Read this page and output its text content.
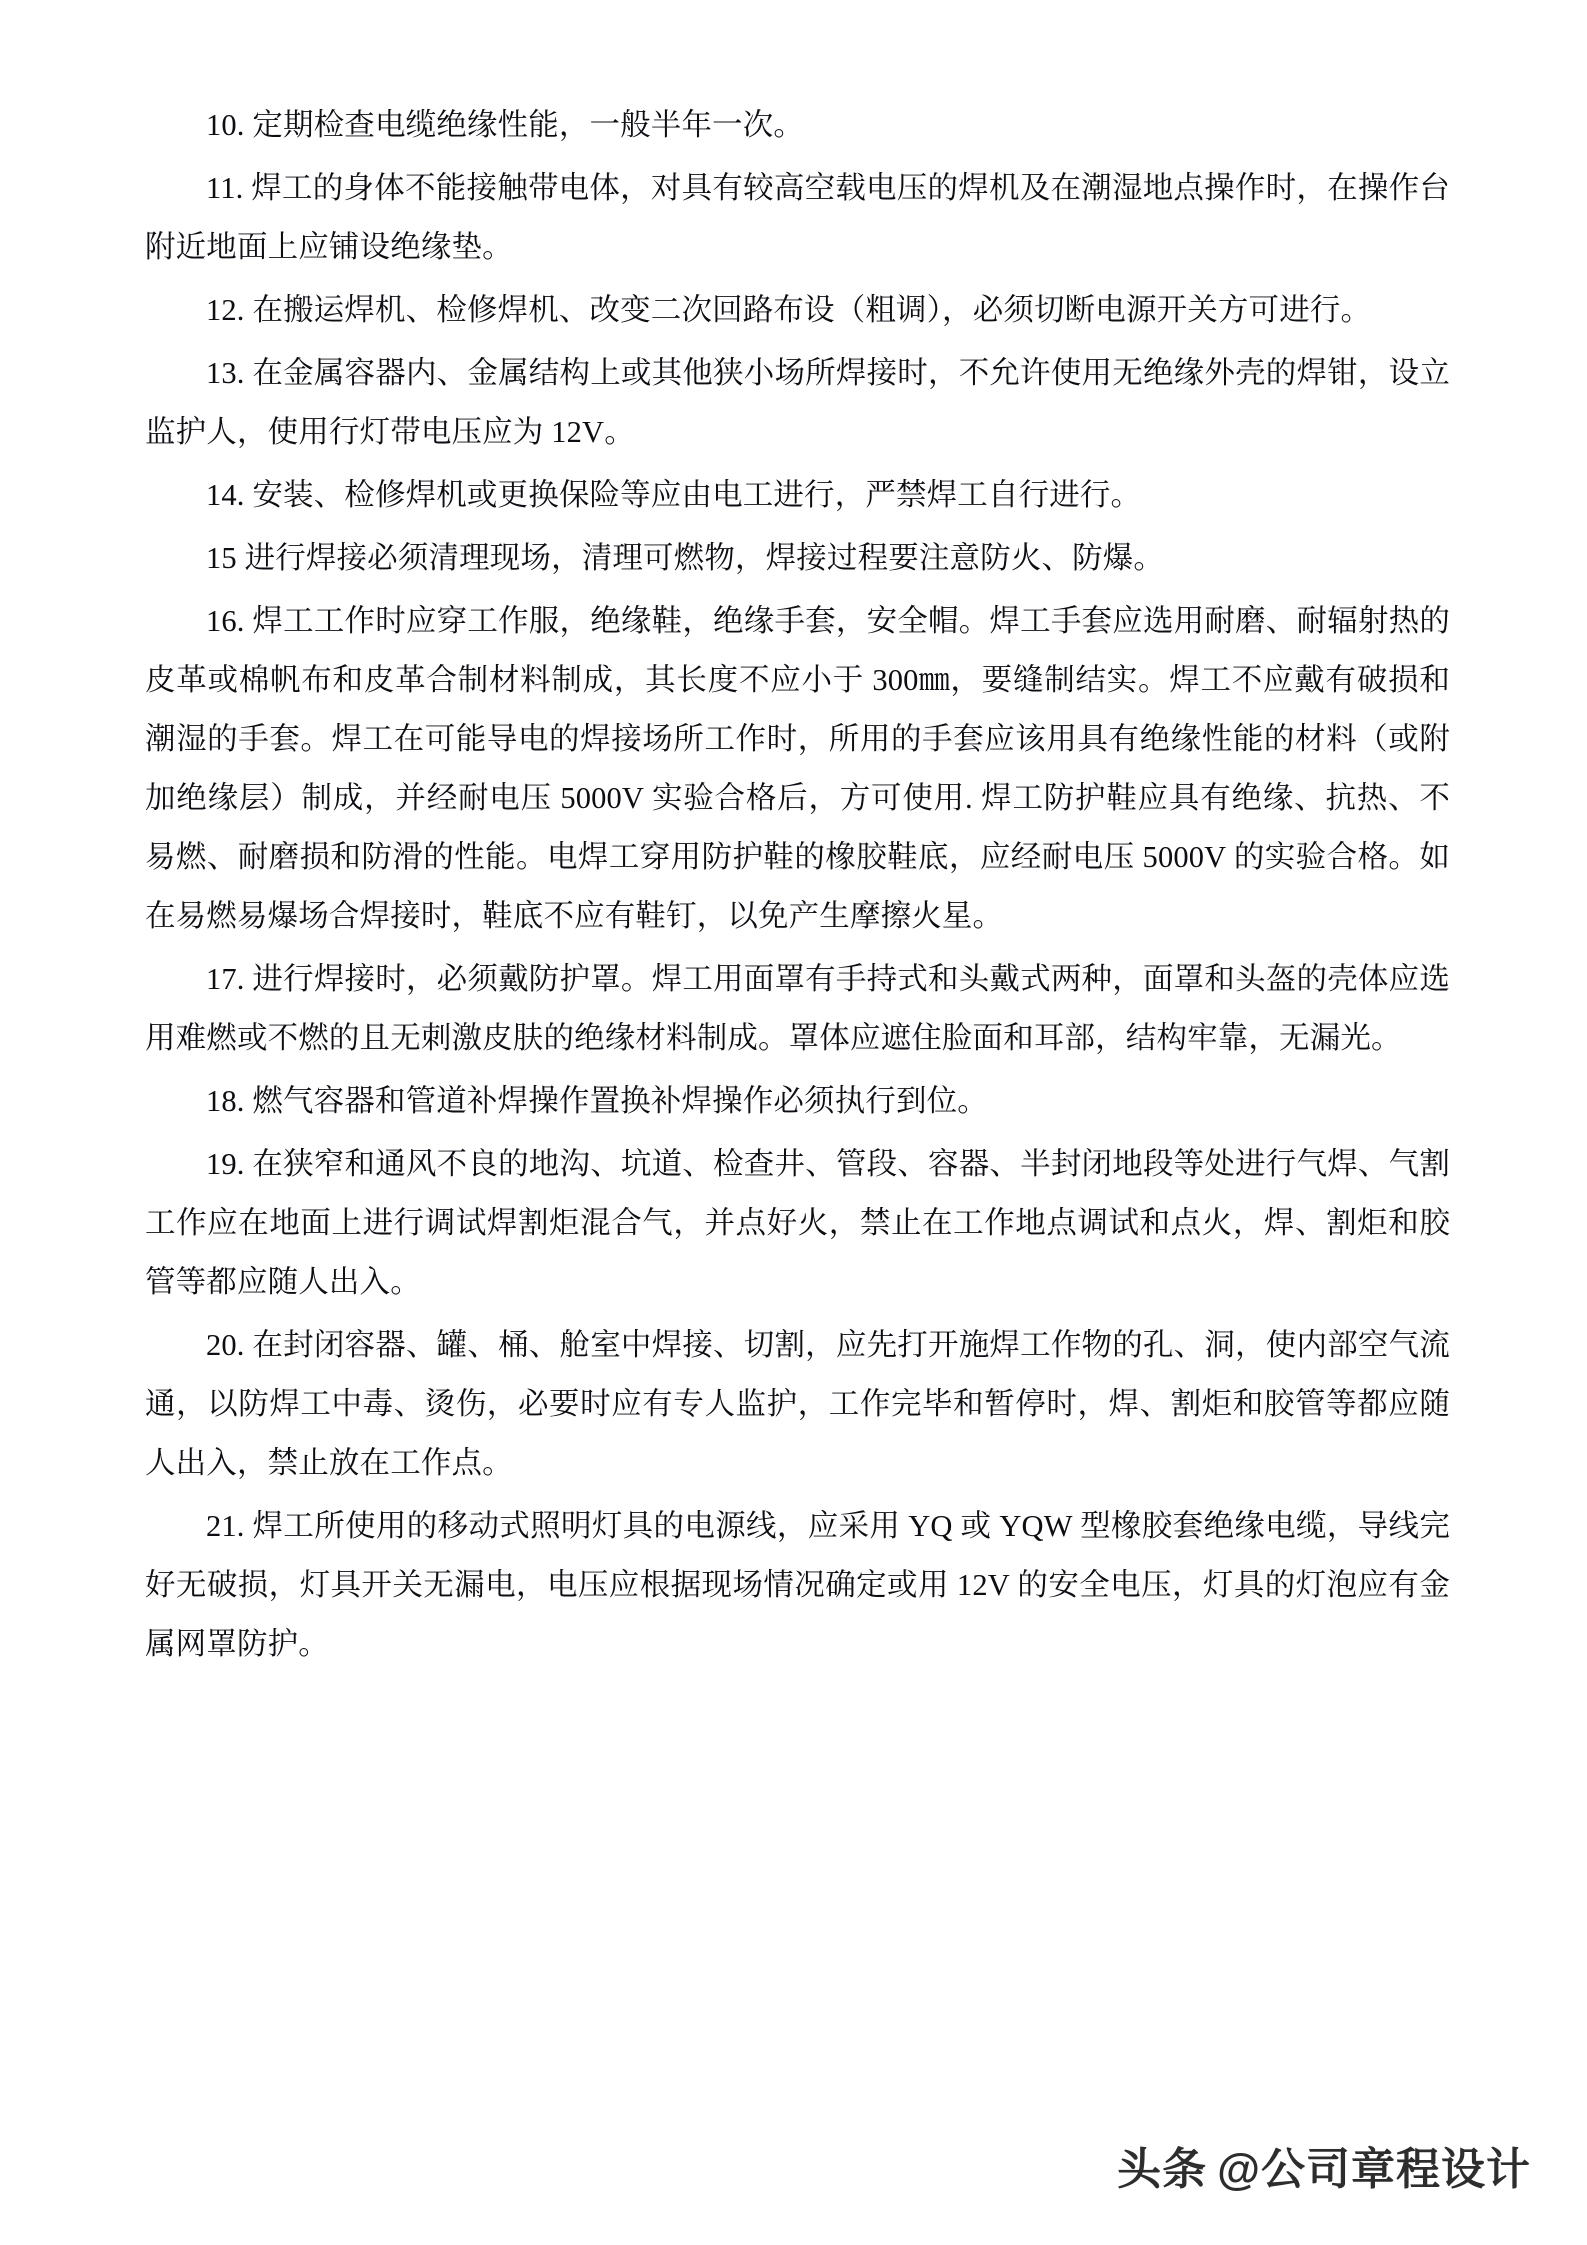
10. 定期检查电缆绝缘性能，一般半年一次。

11. 焊工的身体不能接触带电体，对具有较高空载电压的焊机及在潮湿地点操作时，在操作台附近地面上应铺设绝缘垫。

12. 在搬运焊机、检修焊机、改变二次回路布设（粗调），必须切断电源开关方可进行。

13. 在金属容器内、金属结构上或其他狭小场所焊接时，不允许使用无绝缘外壳的焊钳，设立监护人，使用行灯带电压应为 12V。

14. 安装、检修焊机或更换保险等应由电工进行，严禁焊工自行进行。

15 进行焊接必须清理现场，清理可燃物，焊接过程要注意防火、防爆。

16. 焊工工作时应穿工作服，绝缘鞋，绝缘手套，安全帽。焊工手套应选用耐磨、耐辐射热的皮革或棉帆布和皮革合制材料制成，其长度不应小于 300㎜，要缝制结实。焊工不应戴有破损和潮湿的手套。焊工在可能导电的焊接场所工作时，所用的手套应该用具有绝缘性能的材料（或附加绝缘层）制成，并经耐电压 5000V 实验合格后，方可使用. 焊工防护鞋应具有绝缘、抗热、不易燃、耐磨损和防滑的性能。电焊工穿用防护鞋的橡胶鞋底，应经耐电压 5000V 的实验合格。如在易燃易爆场合焊接时，鞋底不应有鞋钉，以免产生摩擦火星。

17. 进行焊接时，必须戴防护罩。焊工用面罩有手持式和头戴式两种，面罩和头盔的壳体应选用难燃或不燃的且无刺激皮肤的绝缘材料制成。罩体应遮住脸面和耳部，结构牢靠，无漏光。

18. 燃气容器和管道补焊操作置换补焊操作必须执行到位。

19. 在狭窄和通风不良的地沟、坑道、检查井、管段、容器、半封闭地段等处进行气焊、气割工作应在地面上进行调试焊割炬混合气，并点好火，禁止在工作地点调试和点火，焊、割炬和胶管等都应随人出入。

20. 在封闭容器、罐、桶、舱室中焊接、切割，应先打开施焊工作物的孔、洞，使内部空气流通，以防焊工中毒、烫伤，必要时应有专人监护，工作完毕和暂停时，焊、割炬和胶管等都应随人出入，禁止放在工作点。

21. 焊工所使用的移动式照明灯具的电源线，应采用 YQ 或 YQW 型橡胶套绝缘电缆，导线完好无破损，灯具开关无漏电，电压应根据现场情况确定或用 12V 的安全电压，灯具的灯泡应有金属网罩防护。

头条 @公司章程设计
